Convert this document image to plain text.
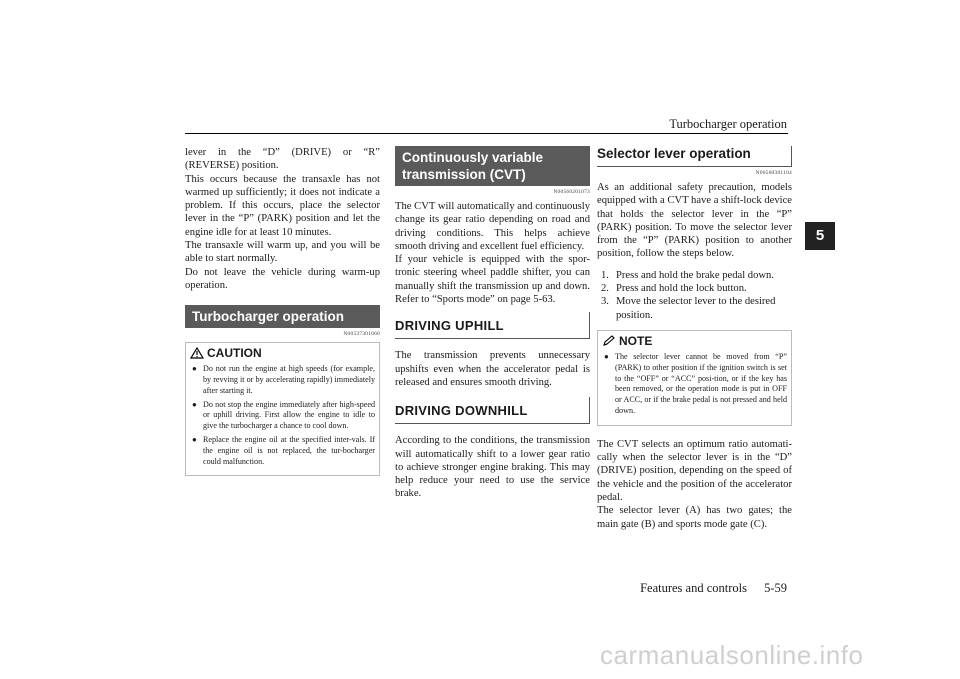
Turbocharger operation
5

lever in the “D” (DRIVE) or “R” (REVERSE) position.

This occurs because the transaxle has not warmed up sufficiently; it does not indicate a problem. If this occurs, place the selector lever in the “P” (PARK) position and let the engine idle for at least 10 minutes.

The transaxle will warm up, and you will be able to start normally.

Do not leave the vehicle during warm-up operation.

Turbocharger operation
N00537301060
CAUTION
● Do not run the engine at high speeds (for example, by revving it or by accelerating rapidly) immediately after starting it.
● Do not stop the engine immediately after high-speed or uphill driving. First allow the engine to idle to give the turbocharger a chance to cool down.
● Replace the engine oil at the specified inter-vals. If the engine oil is not replaced, the tur-bocharger could malfunction.
Continuously variable transmission (CVT)
N00560201073

The CVT will automatically and continuously change its gear ratio depending on road and driving conditions. This helps achieve smooth driving and excellent fuel efficiency.

If your vehicle is equipped with the spor-tronic steering wheel paddle shifter, you can manually shift the transmission up and down. Refer to “Sports mode” on page 5-63.

DRIVING UPHILL

The transmission prevents unnecessary upshifts even when the accelerator pedal is released and ensures smooth driving.

DRIVING DOWNHILL

According to the conditions, the transmission will automatically shift to a lower gear ratio to achieve stronger engine braking. This may help reduce your need to use the service brake.

Selector lever operation
N00560301104

As an additional safety precaution, models equipped with a CVT have a shift-lock device that holds the selector lever in the “P” (PARK) position. To move the selector lever from the “P” (PARK) position to another position, follow the steps below.

1. Press and hold the brake pedal down.
2. Press and hold the lock button.
3. Move the selector lever to the desired position.
NOTE
● The selector lever cannot be moved from “P” (PARK) to other position if the ignition switch is set to the “OFF” or “ACC” posi-tion, or if the key has been removed, or the operation mode is put in OFF or ACC, or if the brake pedal is not pressed and held down.

The CVT selects an optimum ratio automati-cally when the selector lever is in the “D” (DRIVE) position, depending on the speed of the vehicle and the position of the accelerator pedal.

The selector lever (A) has two gates; the main gate (B) and sports mode gate (C).

Features and controls 5-59
carmanualsonline.info
